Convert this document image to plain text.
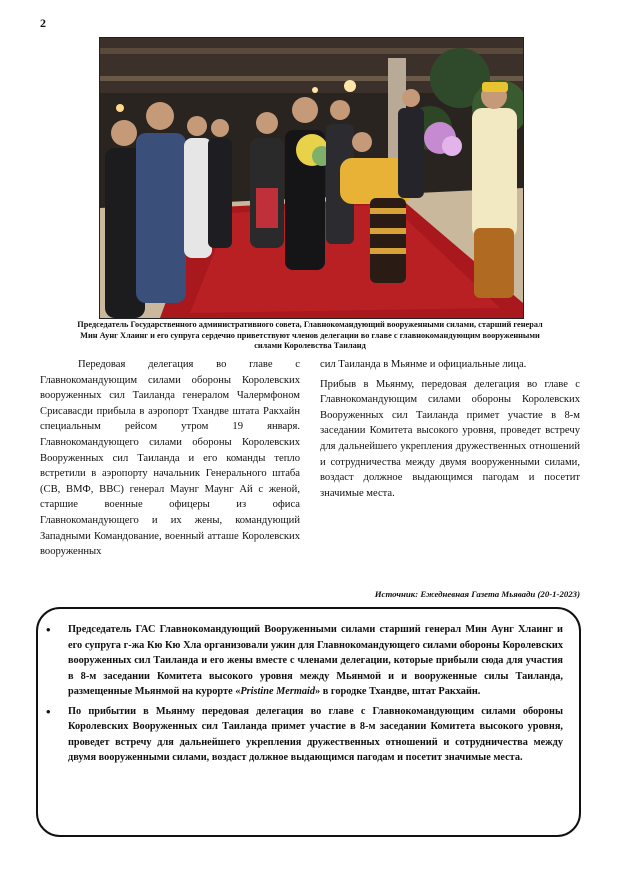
2
Председатель Государственного административного совета, Главнокомандующий вооруженными силами, старший генерал Мин Аунг Хлаинг и его супруга сердечно приветствуют членов делегации во главе с главнокомандующим вооруженными силами Королевства Таиланд

Передовая делегация во главе с Главнокомандующим силами обороны Королевских вооруженных сил Таиланда генералом Чалермфоном Срисавасди прибыла в аэропорт Тхандве штата Ракхайн специальным рейсом утром 19 января. Главнокомандующего силами обороны Королевских Вооруженных сил Таиланда и его команды тепло встретили в аэропорту начальник Генерального штаба (СВ, ВМФ, ВВС) генерал Маунг Маунг Ай с женой, старшие военные офицеры из офиса Главнокомандующего и их жены, командующий Западными Командование, военный атташе Королевских вооруженных

сил Таиланда в Мьянме и официальные лица.

Прибыв в Мьянму, передовая делегация во главе с Главнокомандующим силами обороны Королевских Вооруженных сил Таиланда примет участие в 8-м заседании Комитета высокого уровня, проведет встречу для дальнейшего укрепления дружественных отношений и сотрудничества между двумя вооруженными силами, воздаст должное выдающимся пагодам и посетит значимые места.

Источник: Ежедневная Газета Мьявади (20-1-2023)
• Председатель ГАС Главнокомандующий Вооруженными силами старший генерал Мин Аунг Хлаинг и его супруга г-жа Кю Кю Хла организовали ужин для Главнокомандующего силами обороны Королевских вооруженных сил Таиланда и его жены вместе с членами делегации, которые прибыли сюда для участия в 8-м заседании Комитета высокого уровня между Мьянмой и и вооруженные силы Таиланда, размещенные Мьянмой на курорте «Pristine Mermaid» в городке Тхандве, штат Ракхайн.
• По прибытии в Мьянму передовая делегация во главе с Главнокомандующим силами обороны Королевских Вооруженных сил Таиланда примет участие в 8-м заседании Комитета высокого уровня, проведет встречу для дальнейшего укрепления дружественных отношений и сотрудничества между двумя вооруженными силами, воздаст должное выдающимся пагодам и посетит значимые места.
